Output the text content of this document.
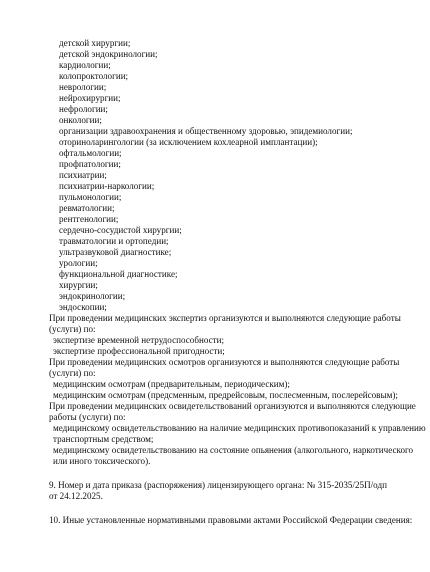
детской хирургии;
детской эндокринологии;
кардиологии;
колопроктологии;
неврологии;
нейрохирургии;
нефрологии;
онкологии;
организации здравоохранения и общественному здоровью, эпидемиологии;
оториноларингологии (за исключением кохлеарной имплантации);
офтальмологии;
профпатологии;
психиатрии;
психиатрии-наркологии;
пульмонологии;
ревматологии;
рентгенологии;
сердечно-сосудистой хирургии;
травматологии и ортопедии;
ультразвуковой диагностике;
урологии;
функциональной диагностике;
хирургии;
эндокринологии;
эндоскопии;
При проведении медицинских экспертиз организуются и выполняются следующие работы
(услуги) по:
экспертизе временной нетрудоспособности;
экспертизе профессиональной пригодности;
При проведении медицинских осмотров организуются и выполняются следующие работы
(услуги) по:
медицинским осмотрам (предварительным, периодическим);
медицинским осмотрам (предсменным, предрейсовым, послесменным, послерейсовым);
При проведении медицинских освидетельствований организуются и выполняются следующие
работы (услуги) по:
медицинскому освидетельствованию на наличие медицинских противопоказаний к управлению
транспортным средством;
медицинскому освидетельствованию на состояние опьянения (алкогольного, наркотического
или иного токсического).
9. Номер и дата приказа (распоряжения) лицензирующего органа: № 315-2035/25П/одп
от 24.12.2025.
10. Иные установленные нормативными правовыми актами Российской Федерации сведения:
